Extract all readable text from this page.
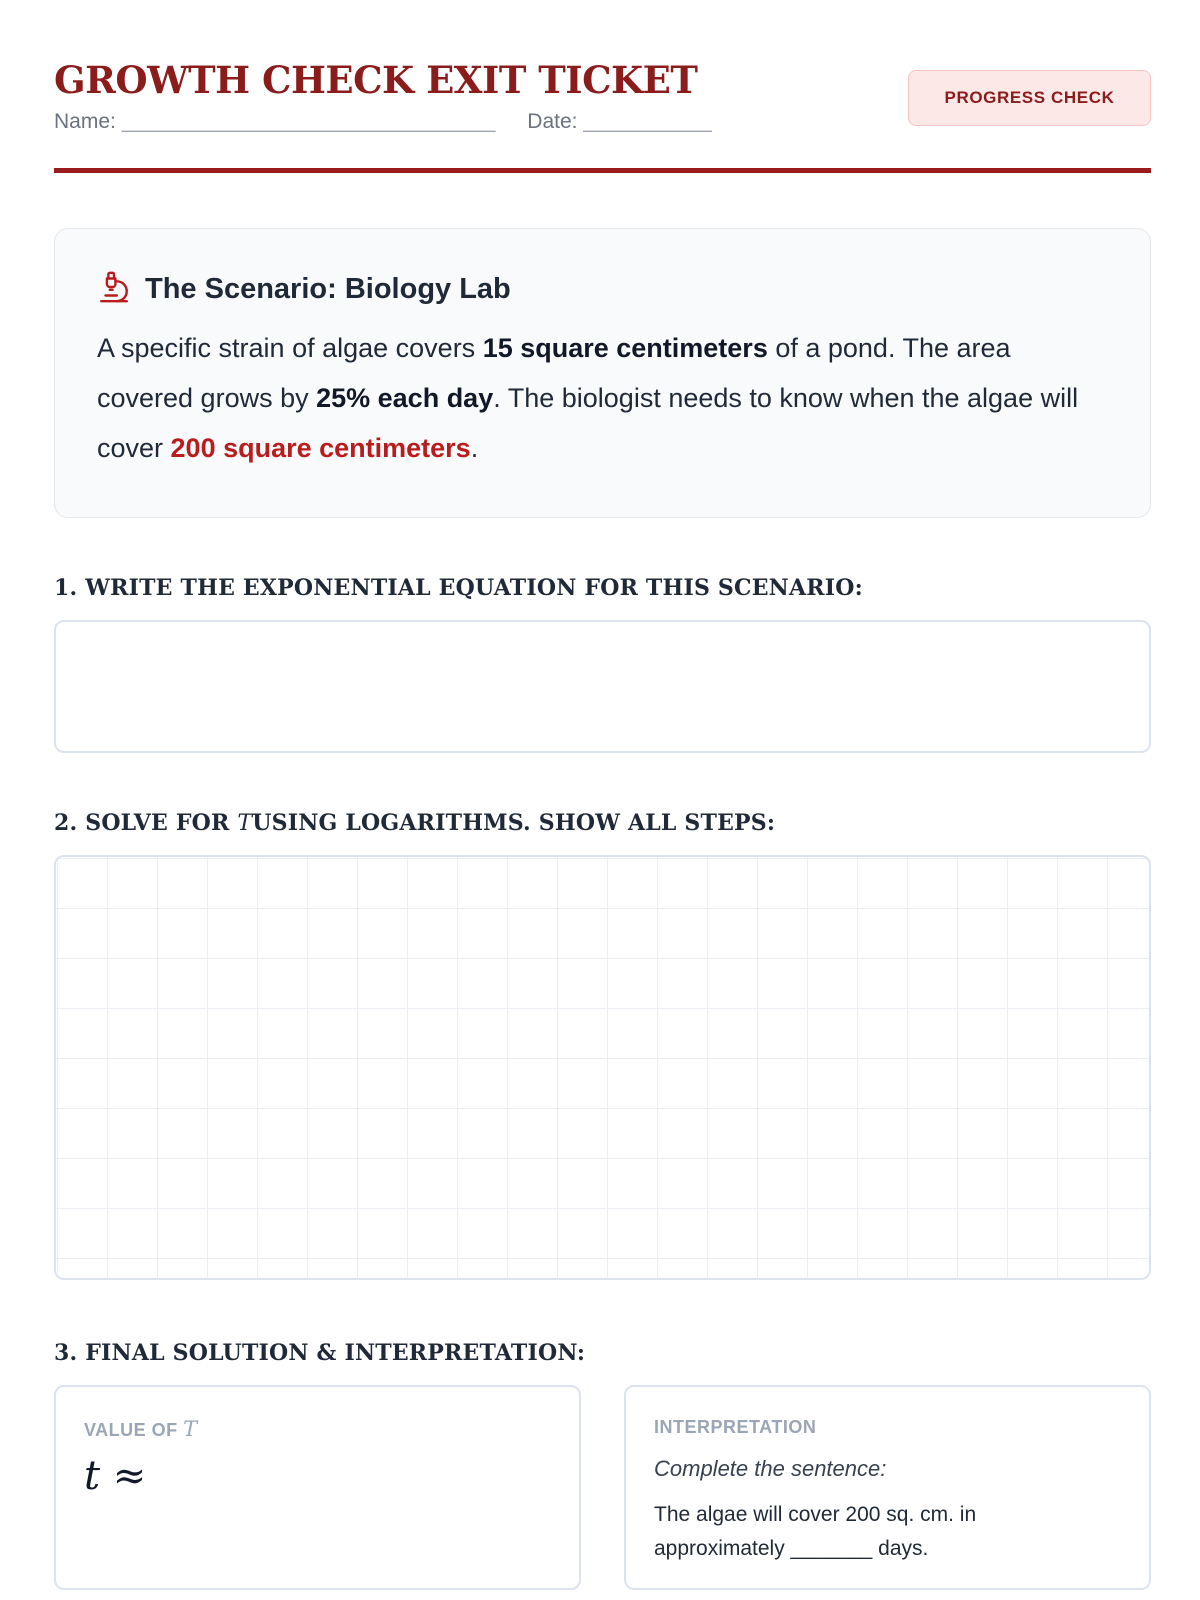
GROWTH CHECK EXIT TICKET
Name: ________________________________ Date: ___________
PROGRESS CHECK
The Scenario: Biology Lab
A specific strain of algae covers 15 square centimeters of a pond. The area covered grows by 25% each day. The biologist needs to know when the algae will cover 200 square centimeters.
1. WRITE THE EXPONENTIAL EQUATION FOR THIS SCENARIO:
2. SOLVE FOR TUSING LOGARITHMS. SHOW ALL STEPS:
3. FINAL SOLUTION & INTERPRETATION:
VALUE OF T
t ≈
INTERPRETATION
Complete the sentence:
The algae will cover 200 sq. cm. in approximately _______ days.
